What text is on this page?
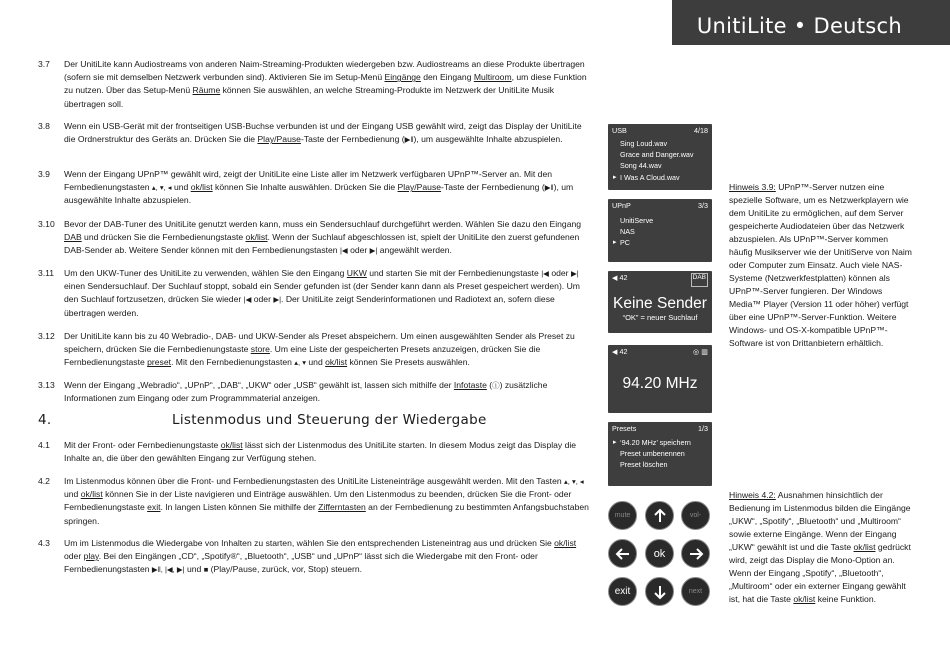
UnitiLite • Deutsch
3.7 Der UnitiLite kann Audiostreams von anderen Naim-Streaming-Produkten wiedergeben bzw. Audiostreams an diese Produkte übertragen (sofern sie mit demselben Netzwerk verbunden sind). Aktivieren Sie im Setup-Menü Eingänge den Eingang Multiroom, um diese Funktion zu nutzen. Über das Setup-Menü Räume können Sie auswählen, an welche Streaming-Produkte im Netzwerk der UnitiLite Musik übertragen soll.
3.8 Wenn ein USB-Gerät mit der frontseitigen USB-Buchse verbunden ist und der Eingang USB gewählt wird, zeigt das Display der UnitiLite die Ordnerstruktur des Geräts an. Drücken Sie die Play/Pause-Taste der Fernbedienung (▶‖), um ausgewählte Inhalte abzuspielen.
3.9 Wenn der Eingang UPnP™ gewählt wird, zeigt der UnitiLite eine Liste aller im Netzwerk verfügbaren UPnP™-Server an. Mit den Fernbedienungstasten ▴, ▾, ◂ und ok/list können Sie Inhalte auswählen. Drücken Sie die Play/Pause-Taste der Fernbedienung (▶‖), um ausgewählte Inhalte abzuspielen.
3.10 Bevor der DAB-Tuner des UnitiLite genutzt werden kann, muss ein Sendersuchlauf durchgeführt werden. Wählen Sie dazu den Eingang DAB und drücken Sie die Fernbedienungstaste ok/list. Wenn der Suchlauf abgeschlossen ist, spielt der UnitiLite den zuerst gefundenen DAB-Sender ab. Weitere Sender können mit den Fernbedienungstasten |◀ oder ▶| angewählt werden.
3.11 Um den UKW-Tuner des UnitiLite zu verwenden, wählen Sie den Eingang UKW und starten Sie mit der Fernbedienungstaste |◀ oder ▶| einen Sendersuchlauf. Der Suchlauf stoppt, sobald ein Sender gefunden ist (der Sender kann dann als Preset gespeichert werden). Um den Suchlauf fortzusetzen, drücken Sie wieder |◀ oder ▶|. Der UnitiLite zeigt Senderinformationen und Radiotext an, sofern diese übertragen werden.
3.12 Der UnitiLite kann bis zu 40 Webradio-, DAB- und UKW-Sender als Preset abspeichern. Um einen ausgewählten Sender als Preset zu speichern, drücken Sie die Fernbedienungstaste store. Um eine Liste der gespeicherten Presets anzuzeigen, drücken Sie die Fernbedienungstaste preset. Mit den Fernbedienungstasten ▴, ▾ und ok/list können Sie Presets auswählen.
3.13 Wenn der Eingang „Webradio“, „UPnP“, „DAB“, „UKW“ oder „USB“ gewählt ist, lassen sich mithilfe der Infotaste (ⓘ) zusätzliche Informationen zum Eingang oder zum Programmmaterial anzeigen.
4.	Listenmodus und Steuerung der Wiedergabe
4.1 Mit der Front- oder Fernbedienungstaste ok/list lässt sich der Listenmodus des UnitiLite starten. In diesem Modus zeigt das Display die Inhalte an, die über den gewählten Eingang zur Verfügung stehen.
4.2 Im Listenmodus können über die Front- und Fernbedienungstasten des UnitiLite Listeneinträge ausgewählt werden. Mit den Tasten ▴, ▾, ◂ und ok/list können Sie in der Liste navigieren und Einträge auswählen. Um den Listenmodus zu beenden, drücken Sie die Front- oder Fernbedienungstaste exit. In langen Listen können Sie mithilfe der Zifferntasten an der Fernbedienung zu bestimmten Anfangsbuchstaben springen.
4.3 Um im Listenmodus die Wiedergabe von Inhalten zu starten, wählen Sie den entsprechenden Listeneintrag aus und drücken Sie ok/list oder play. Bei den Eingängen „CD“, „Spotify®“, „Bluetooth“, „USB“ und „UPnP“ lässt sich die Wiedergabe mit den Front- oder Fernbedienungstasten ▶‖, |◀, ▶| und ■ (Play/Pause, zurück, vor, Stop) steuern.
USB	4/18
Sing Loud.wav
Grace and Danger.wav
Song 44.wav
▸ I Was A Cloud.wav
UPnP	3/3
UnitiServe
NAS
▸ PC
◀ 42	DAB
Keine Sender
“OK” = neuer Suchlauf
◀ 42	◎ ▥
94.20 MHz
Presets	1/3
▸ ‘94.20 MHz’ speichern
Preset umbenennen
Preset löschen
mute	vol-
ok
exit	next
Hinweis 3.9: UPnP™-Server nutzen eine spezielle Software, um es Netzwerkplayern wie dem UnitiLite zu ermöglichen, auf dem Server gespeicherte Audiodateien über das Netzwerk abzuspielen. Als UPnP™-Server kommen häufig Musikserver wie der UnitiServe von Naim oder Computer zum Einsatz. Auch viele NAS-Systeme (Netzwerkfestplatten) können als UPnP™-Server fungieren. Der Windows Media™ Player (Version 11 oder höher) verfügt über eine UPnP™-Server-Funktion. Weitere Windows- und OS-X-kompatible UPnP™-Software ist von Drittanbietern erhältlich.
Hinweis 4.2: Ausnahmen hinsichtlich der Bedienung im Listenmodus bilden die Eingänge „UKW“, „Spotify“, „Bluetooth“ und „Multiroom“ sowie externe Eingänge. Wenn der Eingang „UKW“ gewählt ist und die Taste ok/list gedrückt wird, zeigt das Display die Mono-Option an. Wenn der Eingang „Spotify“, „Bluetooth“, „Multiroom“ oder ein externer Eingang gewählt ist, hat die Taste ok/list keine Funktion.
